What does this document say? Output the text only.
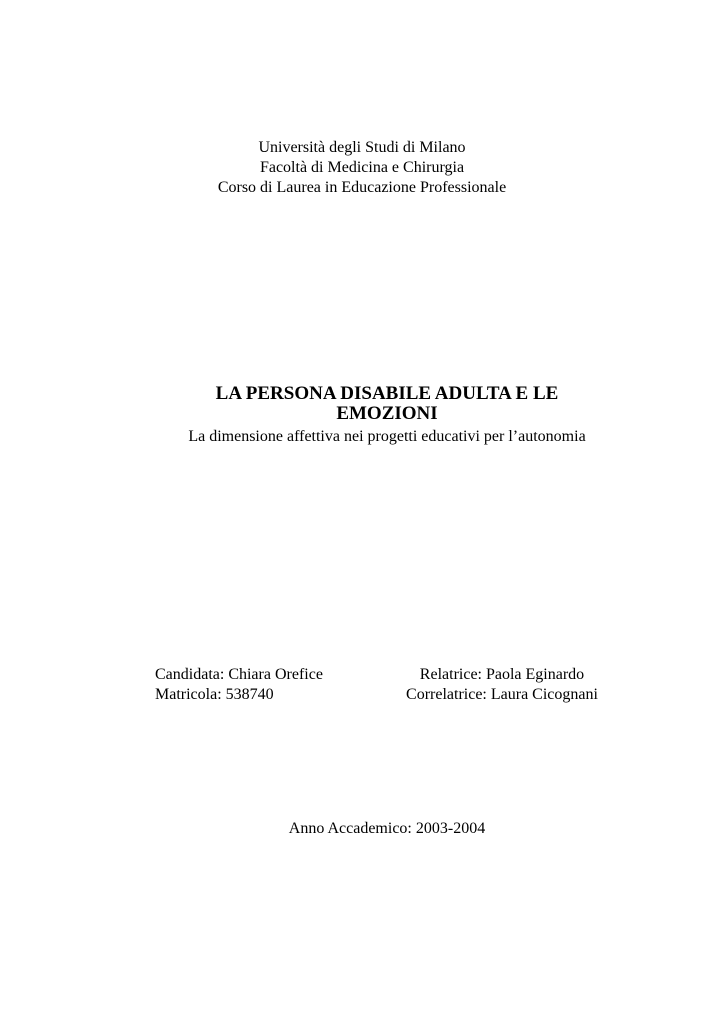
Università degli Studi di Milano
Facoltà di Medicina e Chirurgia
Corso di Laurea in Educazione Professionale
LA PERSONA DISABILE ADULTA E LE
EMOZIONI
La dimensione affettiva nei progetti educativi per l’autonomia
Candidata: Chiara Orefice
Matricola: 538740
Relatrice: Paola Eginardo
Correlatrice: Laura Cicognani
Anno Accademico: 2003-2004
